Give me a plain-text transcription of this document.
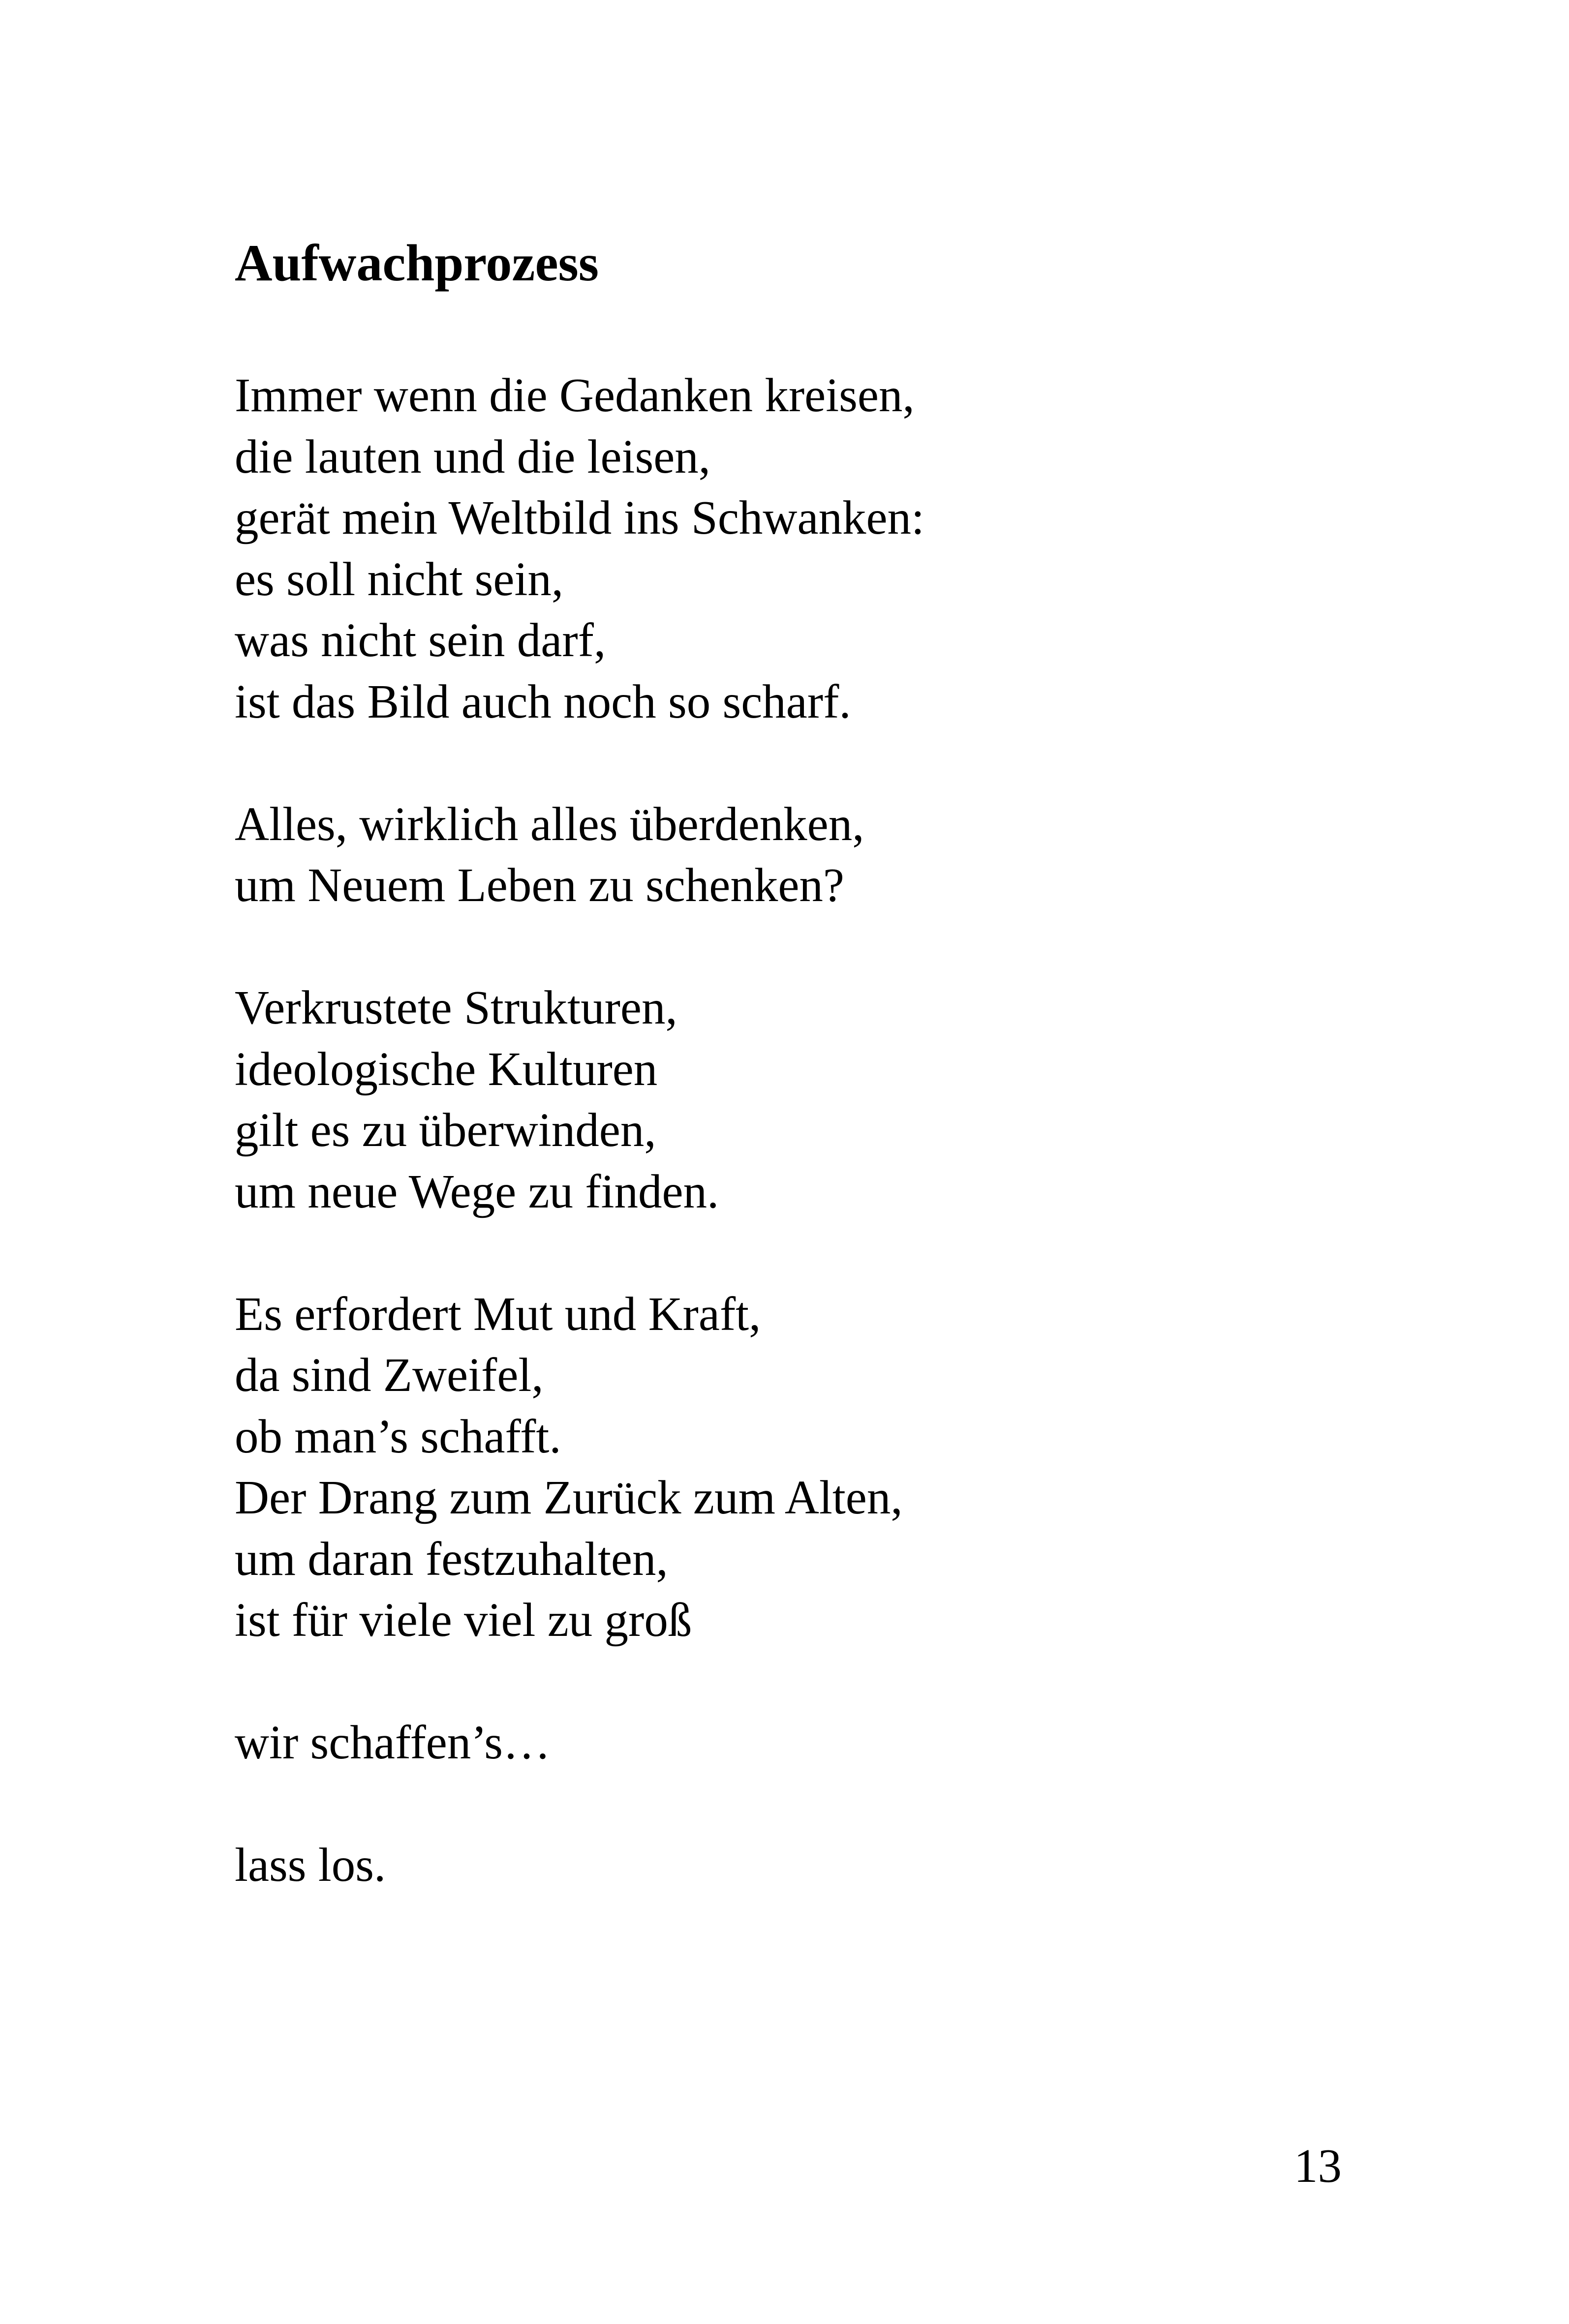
Aufwachprozess
Immer wenn die Gedanken kreisen,
die lauten und die leisen,
gerät mein Weltbild ins Schwanken:
es soll nicht sein,
was nicht sein darf,
ist das Bild auch noch so scharf.
Alles, wirklich alles überdenken,
um Neuem Leben zu schenken?
Verkrustete Strukturen,
ideologische Kulturen
gilt es zu überwinden,
um neue Wege zu finden.
Es erfordert Mut und Kraft,
da sind Zweifel,
ob man’s schafft.
Der Drang zum Zurück zum Alten,
um daran festzuhalten,
ist für viele viel zu groß
wir schaffen’s…
lass los.
13
